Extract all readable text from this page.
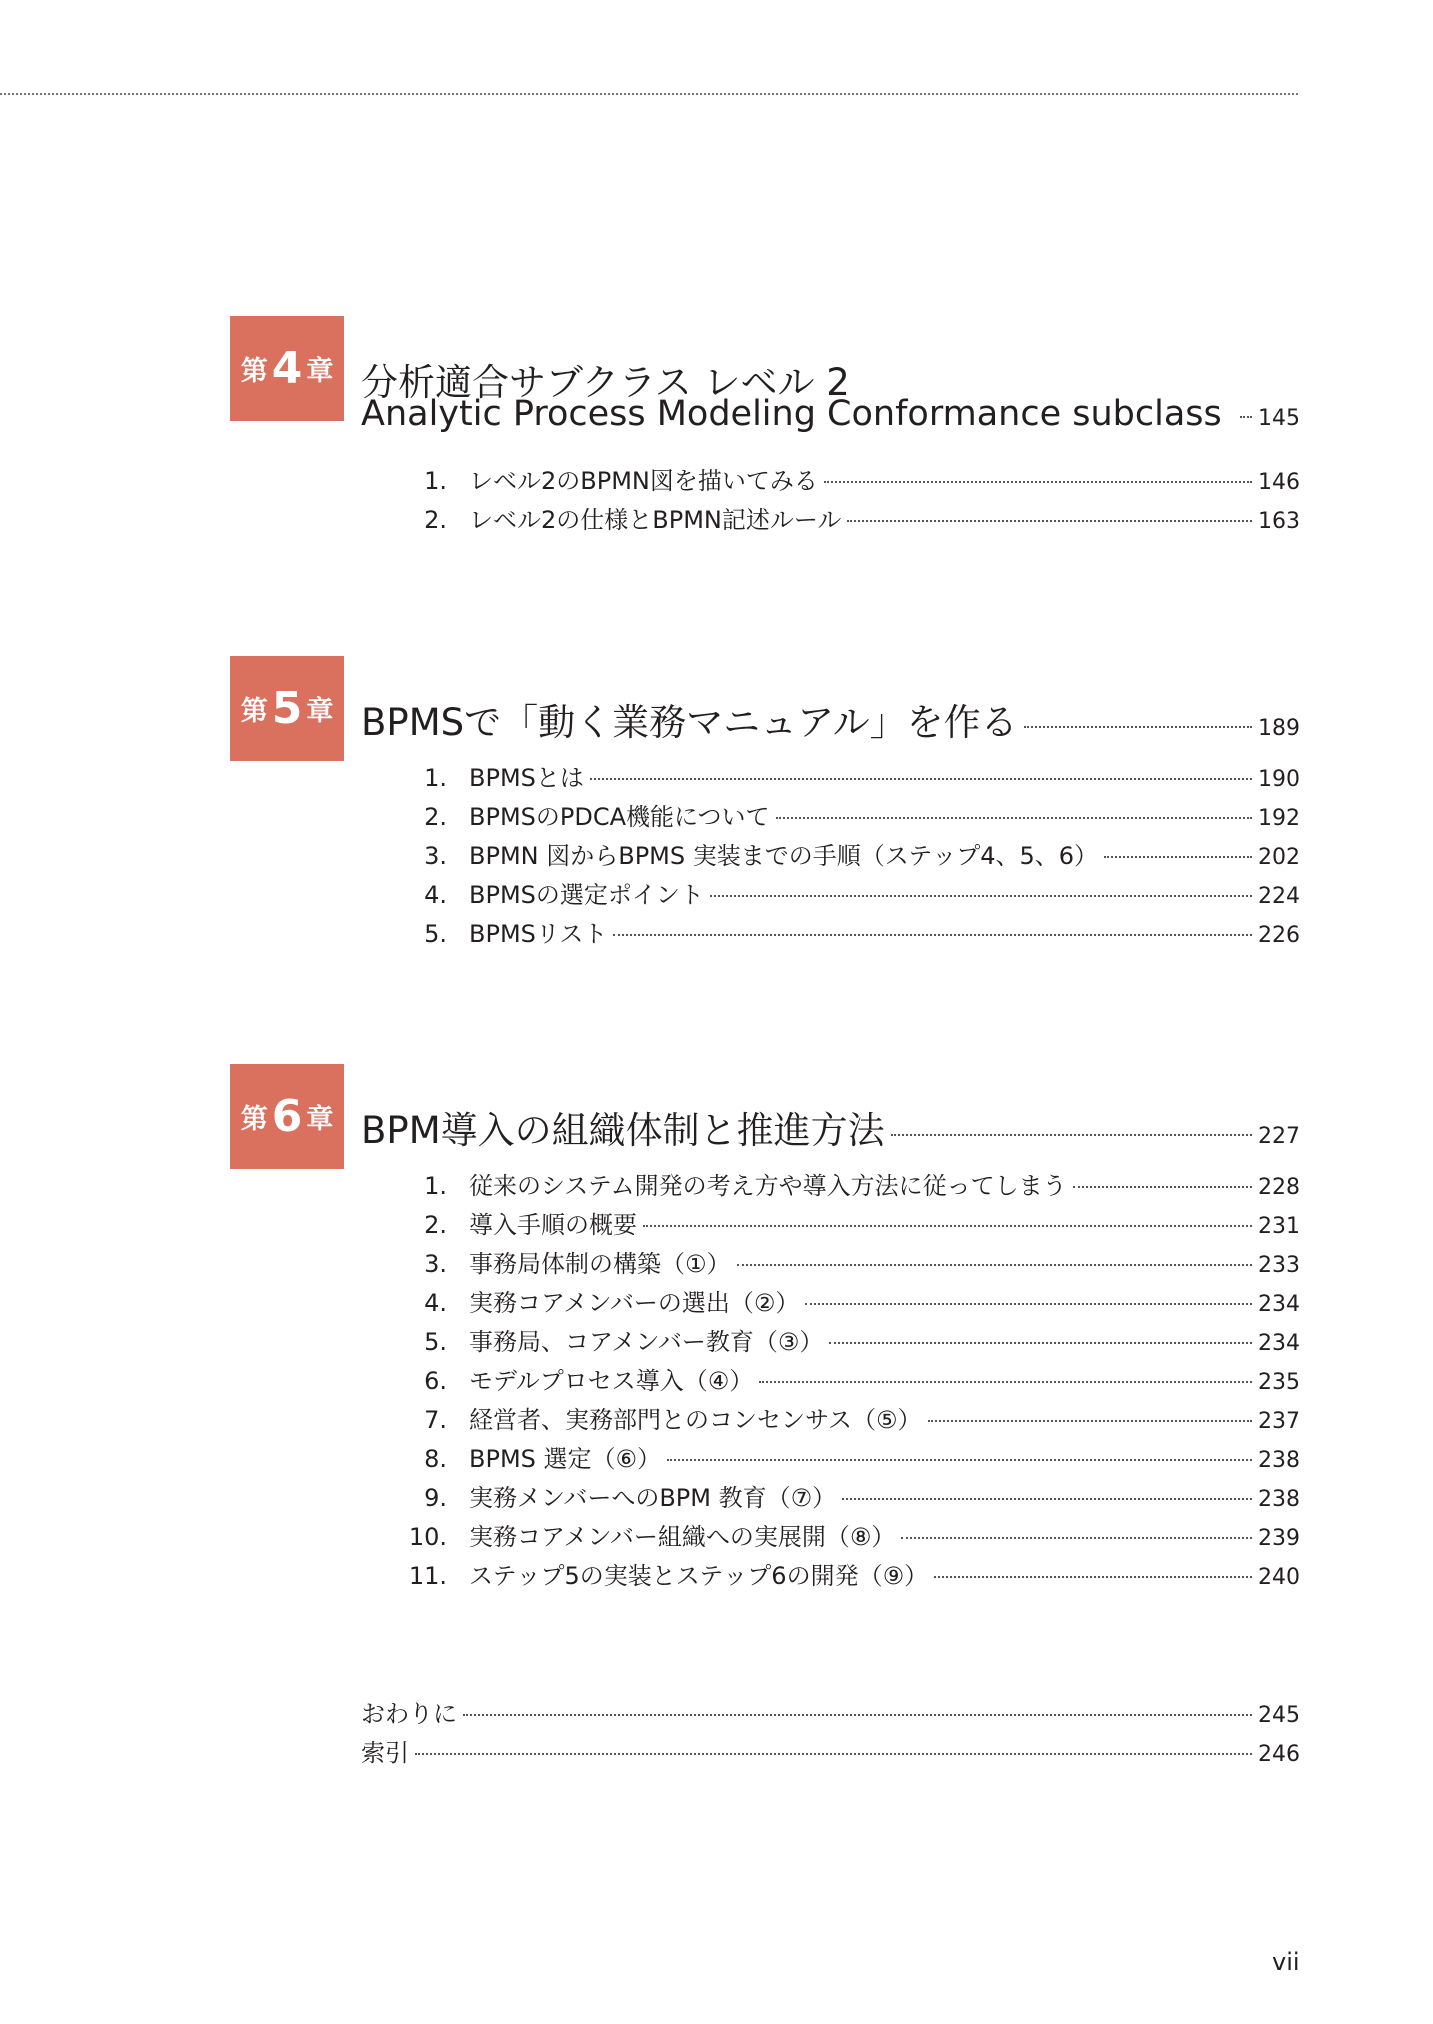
第 4 章 分析適合サブクラス レベル 2
Analytic Process Modeling Conformance subclass 145
1. レベル2のBPMN図を描いてみる	146
2. レベル2の仕様とBPMN記述ルール	163
第 5 章 BPMSで「動く業務マニュアル」を作る	189
1. BPMSとは	190
2. BPMSのPDCA機能について	192
3. BPMN 図からBPMS 実装までの手順（ステップ4、5、6）	202
4. BPMSの選定ポイント	224
5. BPMSリスト	226
第 6 章 BPM導入の組織体制と推進方法	227
1. 従来のシステム開発の考え方や導入方法に従ってしまう	228
2. 導入手順の概要	231
3. 事務局体制の構築（①）	233
4. 実務コアメンバーの選出（②）	234
5. 事務局、コアメンバー教育（③）	234
6. モデルプロセス導入（④）	235
7. 経営者、実務部門とのコンセンサス（⑤）	237
8. BPMS 選定（⑥）	238
9. 実務メンバーへのBPM 教育（⑦）	238
10. 実務コアメンバー組織への実展開（⑧）	239
11. ステップ5の実装とステップ6の開発（⑨）	240
おわりに	245
索引	246
vii
